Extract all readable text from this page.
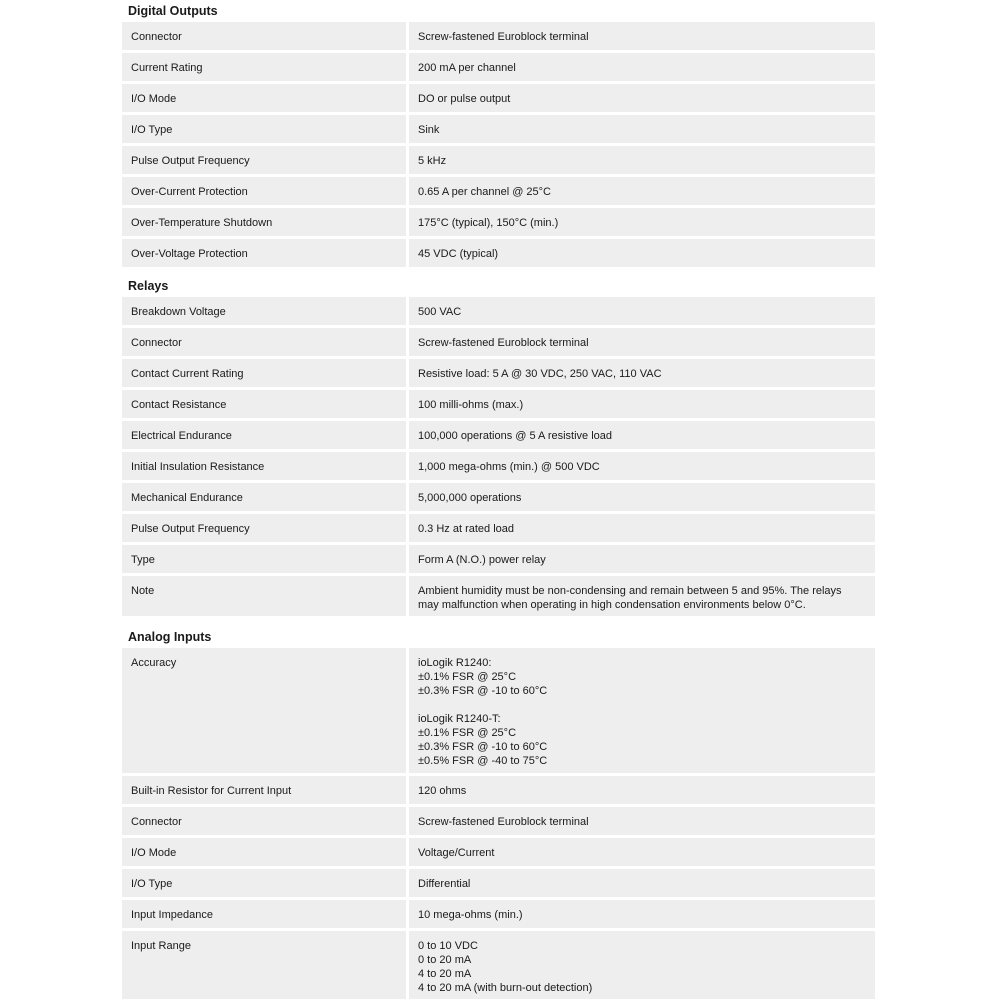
Digital Outputs
Connector	Screw-fastened Euroblock terminal
Current Rating	200 mA per channel
I/O Mode	DO or pulse output
I/O Type	Sink
Pulse Output Frequency	5 kHz
Over-Current Protection	0.65 A per channel @ 25°C
Over-Temperature Shutdown	175°C (typical), 150°C (min.)
Over-Voltage Protection	45 VDC (typical)
Relays
Breakdown Voltage	500 VAC
Connector	Screw-fastened Euroblock terminal
Contact Current Rating	Resistive load: 5 A @ 30 VDC, 250 VAC, 110 VAC
Contact Resistance	100 milli-ohms (max.)
Electrical Endurance	100,000 operations @ 5 A resistive load
Initial Insulation Resistance	1,000 mega-ohms (min.) @ 500 VDC
Mechanical Endurance	5,000,000 operations
Pulse Output Frequency	0.3 Hz at rated load
Type	Form A (N.O.) power relay
Note	Ambient humidity must be non-condensing and remain between 5 and 95%. The relays
may malfunction when operating in high condensation environments below 0°C.
Analog Inputs
Accuracy	ioLogik R1240:
±0.1% FSR @ 25°C
±0.3% FSR @ -10 to 60°C

ioLogik R1240-T:
±0.1% FSR @ 25°C
±0.3% FSR @ -10 to 60°C
±0.5% FSR @ -40 to 75°C
Built-in Resistor for Current Input	120 ohms
Connector	Screw-fastened Euroblock terminal
I/O Mode	Voltage/Current
I/O Type	Differential
Input Impedance	10 mega-ohms (min.)
Input Range	0 to 10 VDC
0 to 20 mA
4 to 20 mA
4 to 20 mA (with burn-out detection)
